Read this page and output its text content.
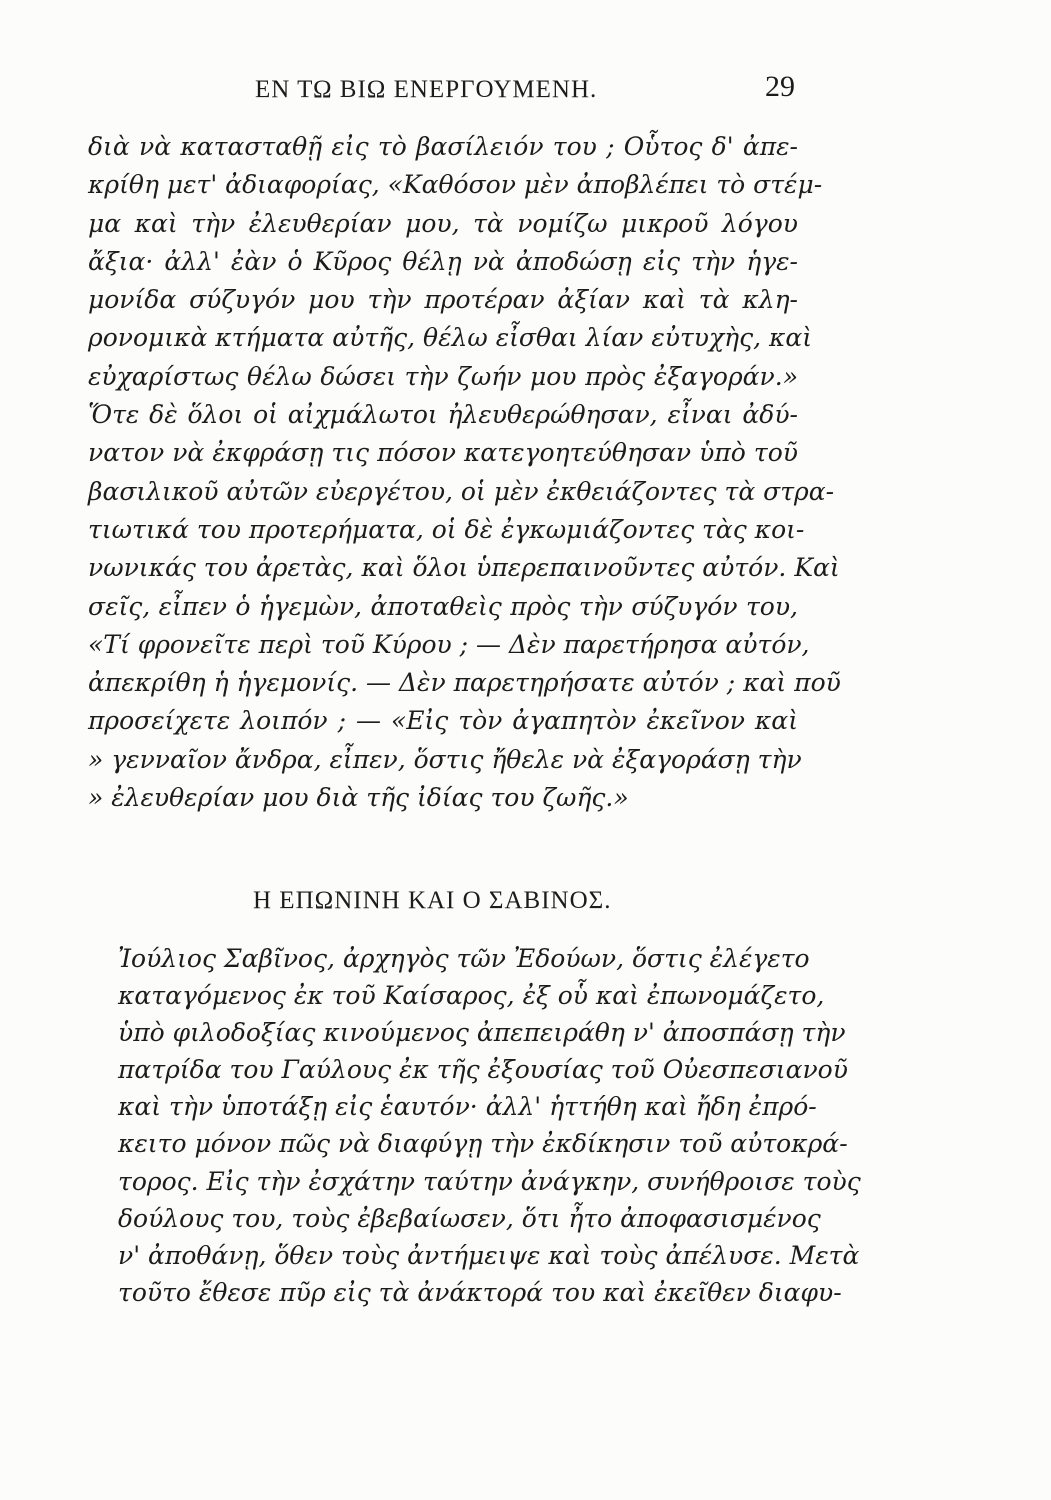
ΕΝ ΤΩ ΒΙΩ ΕΝΕΡΓΟΥΜΕΝΗ.	29
διὰ νὰ κατασταθῇ εἰς τὸ βασίλειόν του ; Οὗτος δ' ἀπε-
κρίθη μετ' ἀδιαφορίας, «Καθόσον μὲν ἀποβλέπει τὸ στέμ-
μα καὶ τὴν ἐλευθερίαν μου, τὰ νομίζω μικροῦ λόγου
ἄξια· ἀλλ' ἐὰν ὁ Κῦρος θέλῃ νὰ ἀποδώσῃ εἰς τὴν ἡγε-
μονίδα σύζυγόν μου τὴν προτέραν ἀξίαν καὶ τὰ κλη-
ρονομικὰ κτήματα αὐτῆς, θέλω εἶσθαι λίαν εὐτυχὴς, καὶ
εὐχαρίστως θέλω δώσει τὴν ζωήν μου πρὸς ἐξαγοράν.»
Ὅτε δὲ ὅλοι οἱ αἰχμάλωτοι ἠλευθερώθησαν, εἶναι ἀδύ-
νατον νὰ ἐκφράσῃ τις πόσον κατεγοητεύθησαν ὑπὸ τοῦ
βασιλικοῦ αὐτῶν εὐεργέτου, οἱ μὲν ἐκθειάζοντες τὰ στρα-
τιωτικά του προτερήματα, οἱ δὲ ἐγκωμιάζοντες τὰς κοι-
νωνικάς του ἀρετὰς, καὶ ὅλοι ὑπερεπαινοῦντες αὐτόν. Καὶ
σεῖς, εἶπεν ὁ ἡγεμὼν, ἀποταθεὶς πρὸς τὴν σύζυγόν του,
«Τί φρονεῖτε περὶ τοῦ Κύρου ; — Δὲν παρετήρησα αὐτόν,
ἀπεκρίθη ἡ ἡγεμονίς. — Δὲν παρετηρήσατε αὐτόν ; καὶ ποῦ
προσείχετε λοιπόν ; — «Εἰς τὸν ἀγαπητὸν ἐκεῖνον καὶ
» γενναῖον ἄνδρα, εἶπεν, ὅστις ἤθελε νὰ ἐξαγοράσῃ τὴν
» ἐλευθερίαν μου διὰ τῆς ἰδίας του ζωῆς.»
Η ΕΠΩΝΙΝΗ ΚΑΙ Ο ΣΑΒΙΝΟΣ.
Ἰούλιος Σαβῖνος, ἀρχηγὸς τῶν Ἐδούων, ὅστις ἐλέγετο
καταγόμενος ἐκ τοῦ Καίσαρος, ἐξ οὗ καὶ ἐπωνομάζετο,
ὑπὸ φιλοδοξίας κινούμενος ἀπεπειράθη ν' ἀποσπάσῃ τὴν
πατρίδα του Γαύλους ἐκ τῆς ἐξουσίας τοῦ Οὐεσπεσιανοῦ
καὶ τὴν ὑποτάξῃ εἰς ἑαυτόν· ἀλλ' ἡττήθη καὶ ἤδη ἐπρό-
κειτο μόνον πῶς νὰ διαφύγῃ τὴν ἐκδίκησιν τοῦ αὐτοκρά-
τορος. Εἰς τὴν ἐσχάτην ταύτην ἀνάγκην, συνήθροισε τοὺς
δούλους του, τοὺς ἐβεβαίωσεν, ὅτι ἦτο ἀποφασισμένος
ν' ἀποθάνῃ, ὅθεν τοὺς ἀντήμειψε καὶ τοὺς ἀπέλυσε. Μετὰ
τοῦτο ἔθεσε πῦρ εἰς τὰ ἀνάκτορά του καὶ ἐκεῖθεν διαφυ-
